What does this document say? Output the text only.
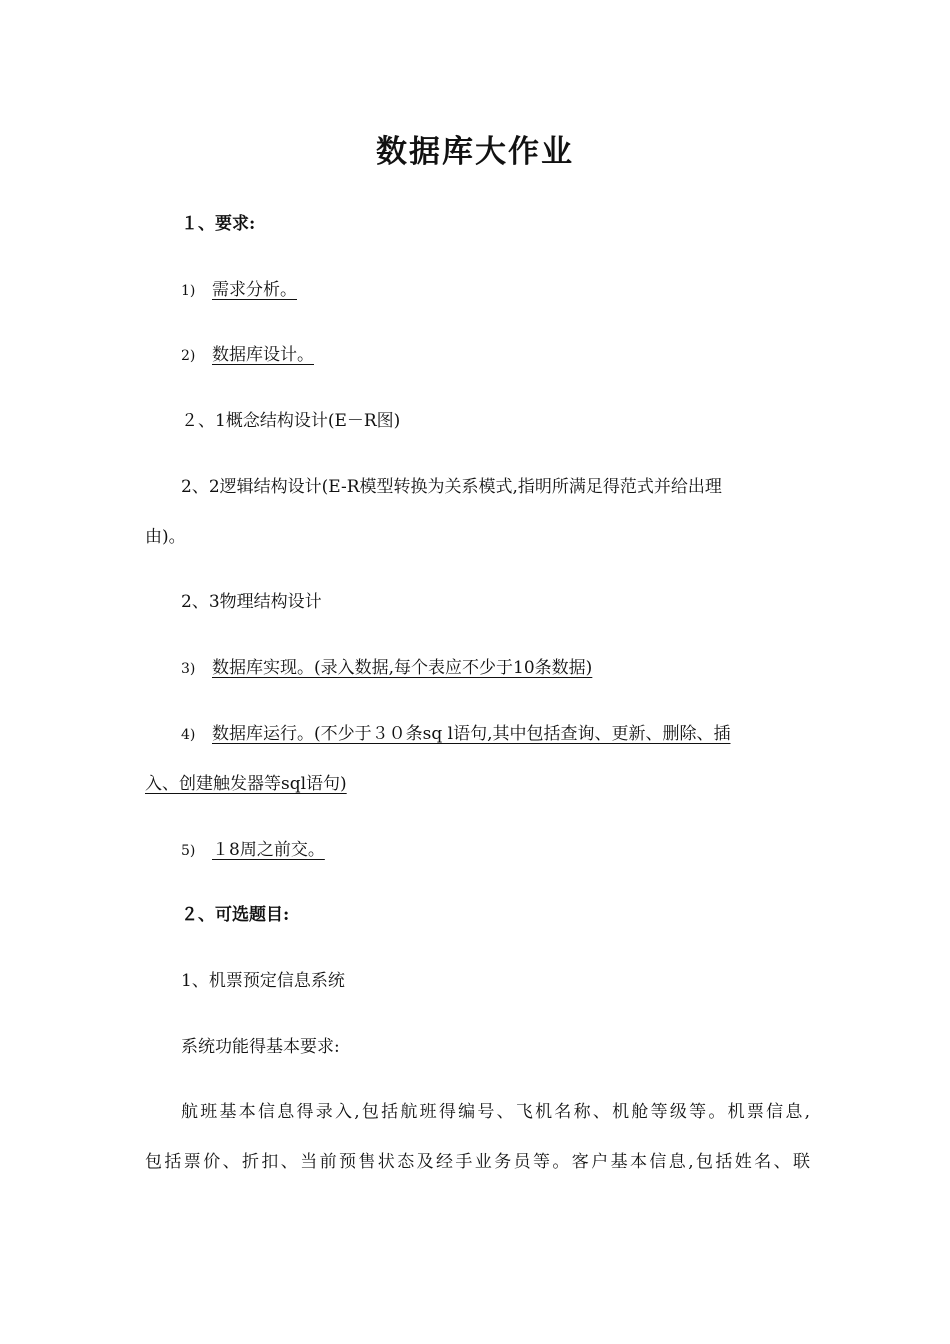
数据库大作业
１、要求:
1) 需求分析。
2) 数据库设计。
２、1概念结构设计(E－R图)
2、2逻辑结构设计(E-R模型转换为关系模式,指明所满足得范式并给出理
由)。
2、3物理结构设计
3) 数据库实现。(录入数据,每个表应不少于10条数据)
4) 数据库运行。(不少于３０条sq l语句,其中包括查询、更新、删除、插
入、创建触发器等sql语句)
5) １8周之前交。
２、可选题目:
1、机票预定信息系统
系统功能得基本要求:
航班基本信息得录入,包括航班得编号、飞机名称、机舱等级等。机票信息,
包括票价、折扣、当前预售状态及经手业务员等。客户基本信息,包括姓名、联
